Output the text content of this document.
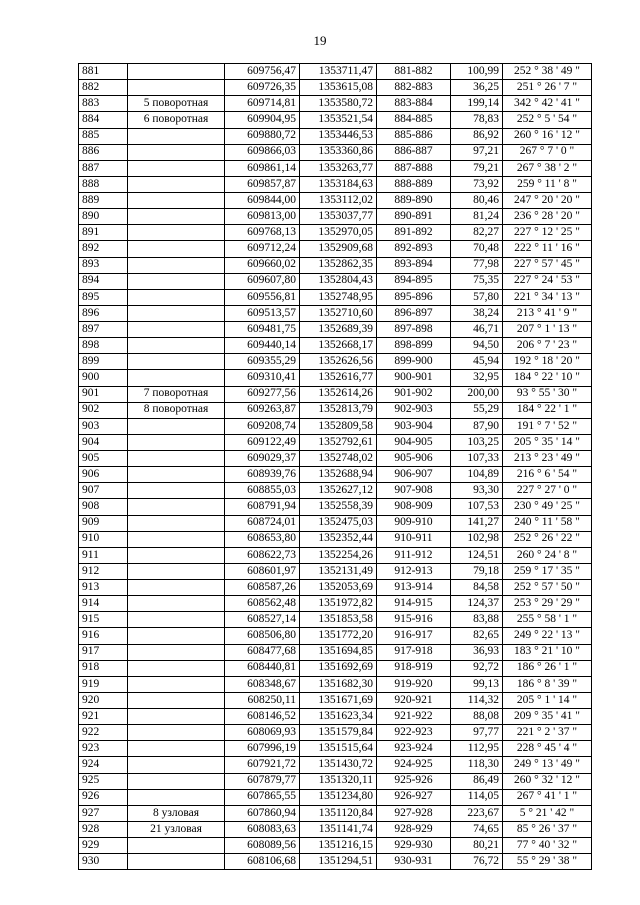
19
881		609756,47	1353711,47	881-882	100,99	252 ° 38 ' 49 "
882		609726,35	1353615,08	882-883	36,25	251 ° 26 ' 7 "
883	5 поворотная	609714,81	1353580,72	883-884	199,14	342 ° 42 ' 41 "
884	6 поворотная	609904,95	1353521,54	884-885	78,83	252 ° 5 ' 54 "
885		609880,72	1353446,53	885-886	86,92	260 ° 16 ' 12 "
886		609866,03	1353360,86	886-887	97,21	267 ° 7 ' 0 "
887		609861,14	1353263,77	887-888	79,21	267 ° 38 ' 2 "
888		609857,87	1353184,63	888-889	73,92	259 ° 11 ' 8 "
889		609844,00	1353112,02	889-890	80,46	247 ° 20 ' 20 "
890		609813,00	1353037,77	890-891	81,24	236 ° 28 ' 20 "
891		609768,13	1352970,05	891-892	82,27	227 ° 12 ' 25 "
892		609712,24	1352909,68	892-893	70,48	222 ° 11 ' 16 "
893		609660,02	1352862,35	893-894	77,98	227 ° 57 ' 45 "
894		609607,80	1352804,43	894-895	75,35	227 ° 24 ' 53 "
895		609556,81	1352748,95	895-896	57,80	221 ° 34 ' 13 "
896		609513,57	1352710,60	896-897	38,24	213 ° 41 ' 9 "
897		609481,75	1352689,39	897-898	46,71	207 ° 1 ' 13 "
898		609440,14	1352668,17	898-899	94,50	206 ° 7 ' 23 "
899		609355,29	1352626,56	899-900	45,94	192 ° 18 ' 20 "
900		609310,41	1352616,77	900-901	32,95	184 ° 22 ' 10 "
901	7 поворотная	609277,56	1352614,26	901-902	200,00	93 ° 55 ' 30 "
902	8 поворотная	609263,87	1352813,79	902-903	55,29	184 ° 22 ' 1 "
903		609208,74	1352809,58	903-904	87,90	191 ° 7 ' 52 "
904		609122,49	1352792,61	904-905	103,25	205 ° 35 ' 14 "
905		609029,37	1352748,02	905-906	107,33	213 ° 23 ' 49 "
906		608939,76	1352688,94	906-907	104,89	216 ° 6 ' 54 "
907		608855,03	1352627,12	907-908	93,30	227 ° 27 ' 0 "
908		608791,94	1352558,39	908-909	107,53	230 ° 49 ' 25 "
909		608724,01	1352475,03	909-910	141,27	240 ° 11 ' 58 "
910		608653,80	1352352,44	910-911	102,98	252 ° 26 ' 22 "
911		608622,73	1352254,26	911-912	124,51	260 ° 24 ' 8 "
912		608601,97	1352131,49	912-913	79,18	259 ° 17 ' 35 "
913		608587,26	1352053,69	913-914	84,58	252 ° 57 ' 50 "
914		608562,48	1351972,82	914-915	124,37	253 ° 29 ' 29 "
915		608527,14	1351853,58	915-916	83,88	255 ° 58 ' 1 "
916		608506,80	1351772,20	916-917	82,65	249 ° 22 ' 13 "
917		608477,68	1351694,85	917-918	36,93	183 ° 21 ' 10 "
918		608440,81	1351692,69	918-919	92,72	186 ° 26 ' 1 "
919		608348,67	1351682,30	919-920	99,13	186 ° 8 ' 39 "
920		608250,11	1351671,69	920-921	114,32	205 ° 1 ' 14 "
921		608146,52	1351623,34	921-922	88,08	209 ° 35 ' 41 "
922		608069,93	1351579,84	922-923	97,77	221 ° 2 ' 37 "
923		607996,19	1351515,64	923-924	112,95	228 ° 45 ' 4 "
924		607921,72	1351430,72	924-925	118,30	249 ° 13 ' 49 "
925		607879,77	1351320,11	925-926	86,49	260 ° 32 ' 12 "
926		607865,55	1351234,80	926-927	114,05	267 ° 41 ' 1 "
927	8 узловая	607860,94	1351120,84	927-928	223,67	5 ° 21 ' 42 "
928	21 узловая	608083,63	1351141,74	928-929	74,65	85 ° 26 ' 37 "
929		608089,56	1351216,15	929-930	80,21	77 ° 40 ' 32 "
930		608106,68	1351294,51	930-931	76,72	55 ° 29 ' 38 "
